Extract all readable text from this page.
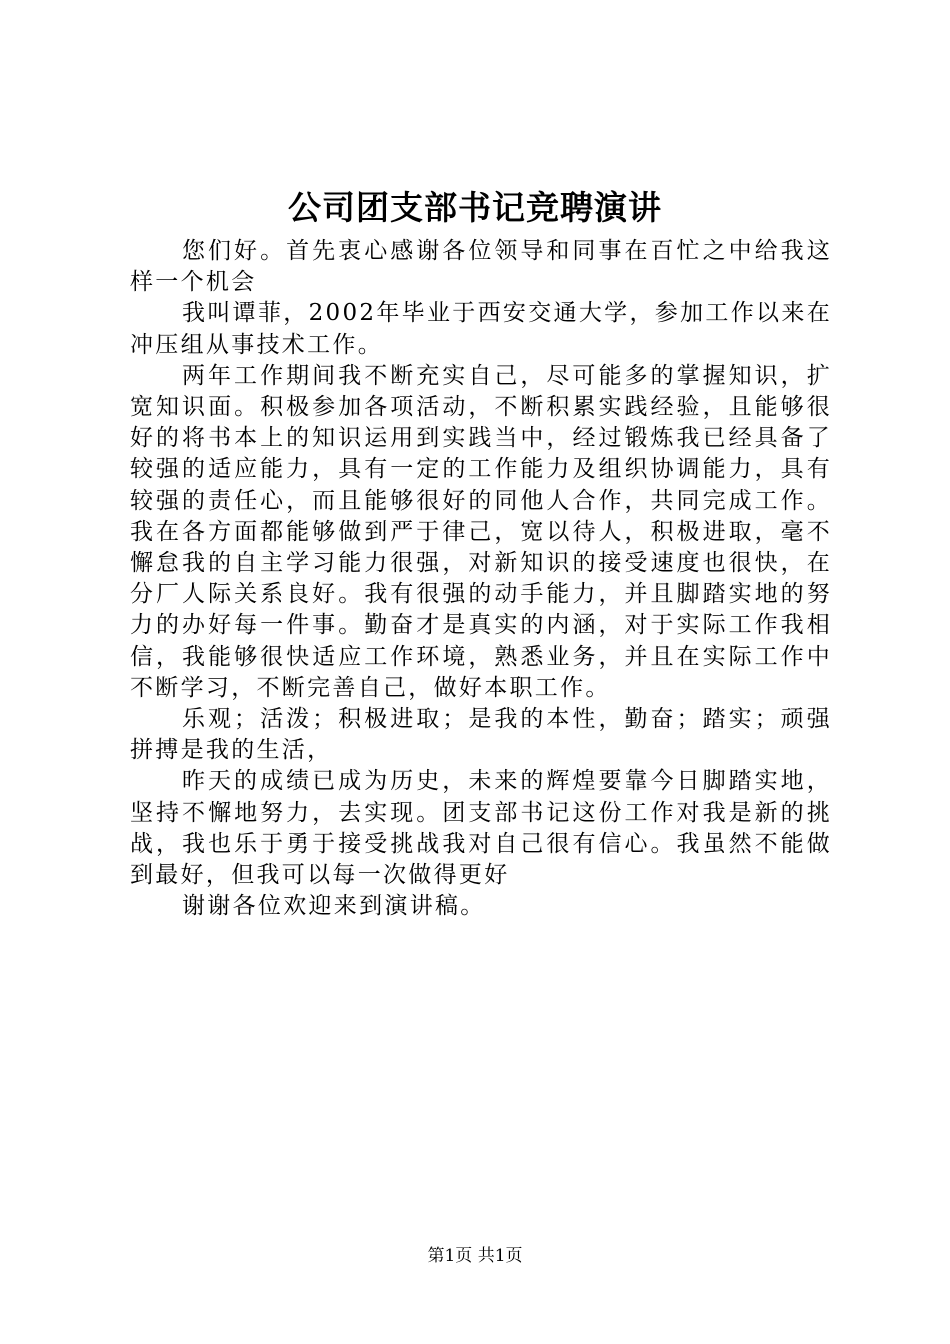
公司团支部书记竞聘演讲

您们好。首先衷心感谢各位领导和同事在百忙之中给我这样一个机会

我叫谭菲，2002年毕业于西安交通大学，参加工作以来在冲压组从事技术工作。

两年工作期间我不断充实自己，尽可能多的掌握知识，扩宽知识面。积极参加各项活动，不断积累实践经验，且能够很好的将书本上的知识运用到实践当中，经过锻炼我已经具备了较强的适应能力，具有一定的工作能力及组织协调能力，具有较强的责任心，而且能够很好的同他人合作，共同完成工作。我在各方面都能够做到严于律己，宽以待人，积极进取，毫不懈怠我的自主学习能力很强，对新知识的接受速度也很快，在分厂人际关系良好。我有很强的动手能力，并且脚踏实地的努力的办好每一件事。勤奋才是真实的内涵，对于实际工作我相信，我能够很快适应工作环境，熟悉业务，并且在实际工作中不断学习，不断完善自己，做好本职工作。

乐观；活泼；积极进取；是我的本性，勤奋；踏实；顽强拼搏是我的生活，

昨天的成绩已成为历史，未来的辉煌要靠今日脚踏实地，坚持不懈地努力，去实现。团支部书记这份工作对我是新的挑战，我也乐于勇于接受挑战我对自己很有信心。我虽然不能做到最好，但我可以每一次做得更好

谢谢各位欢迎来到演讲稿。

第1页 共1页
